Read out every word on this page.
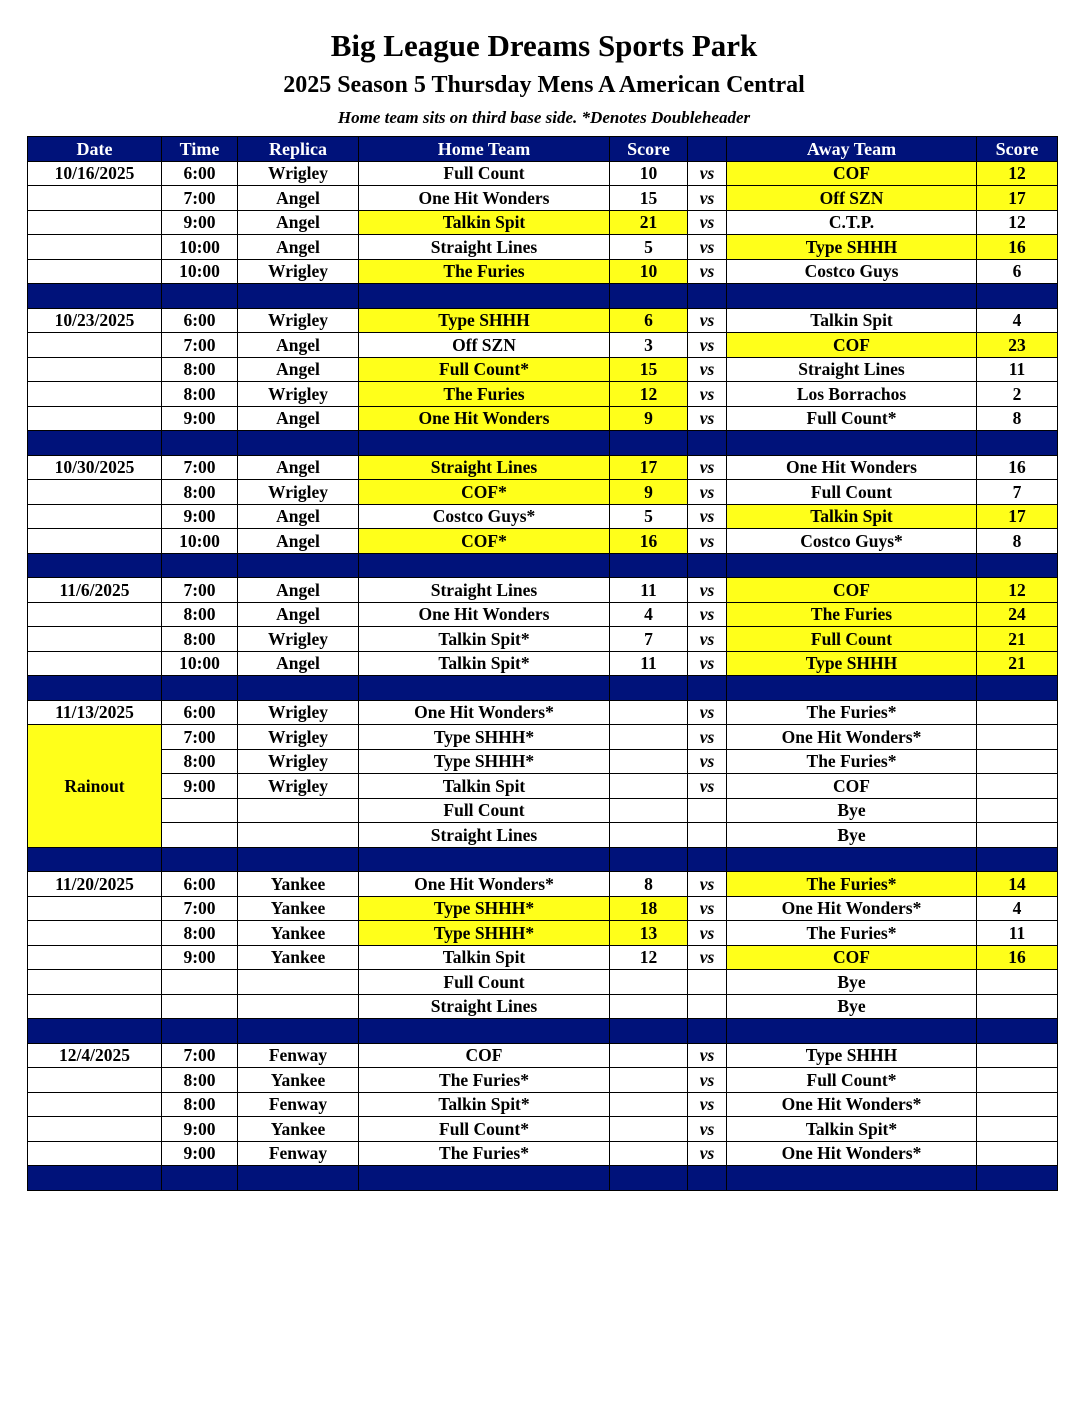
Big League Dreams Sports Park
2025 Season 5 Thursday Mens A American Central
Home team sits on third base side. *Denotes Doubleheader
Date	Time	Replica	Home Team	Score		Away Team	Score
10/16/2025	6:00	Wrigley	Full Count	10	vs	COF	12
	7:00	Angel	One Hit Wonders	15	vs	Off SZN	17
	9:00	Angel	Talkin Spit	21	vs	C.T.P.	12
	10:00	Angel	Straight Lines	5	vs	Type SHHH	16
	10:00	Wrigley	The Furies	10	vs	Costco Guys	6

10/23/2025	6:00	Wrigley	Type SHHH	6	vs	Talkin Spit	4
	7:00	Angel	Off SZN	3	vs	COF	23
	8:00	Angel	Full Count*	15	vs	Straight Lines	11
	8:00	Wrigley	The Furies	12	vs	Los Borrachos	2
	9:00	Angel	One Hit Wonders	9	vs	Full Count*	8

10/30/2025	7:00	Angel	Straight Lines	17	vs	One Hit Wonders	16
	8:00	Wrigley	COF*	9	vs	Full Count	7
	9:00	Angel	Costco Guys*	5	vs	Talkin Spit	17
	10:00	Angel	COF*	16	vs	Costco Guys*	8

11/6/2025	7:00	Angel	Straight Lines	11	vs	COF	12
	8:00	Angel	One Hit Wonders	4	vs	The Furies	24
	8:00	Wrigley	Talkin Spit*	7	vs	Full Count	21
	10:00	Angel	Talkin Spit*	11	vs	Type SHHH	21

11/13/2025	6:00	Wrigley	One Hit Wonders*		vs	The Furies*	
Rainout	7:00	Wrigley	Type SHHH*		vs	One Hit Wonders*	
	8:00	Wrigley	Type SHHH*		vs	The Furies*	
	9:00	Wrigley	Talkin Spit		vs	COF	
			Full Count			Bye	
			Straight Lines			Bye	

11/20/2025	6:00	Yankee	One Hit Wonders*	8	vs	The Furies*	14
	7:00	Yankee	Type SHHH*	18	vs	One Hit Wonders*	4
	8:00	Yankee	Type SHHH*	13	vs	The Furies*	11
	9:00	Yankee	Talkin Spit	12	vs	COF	16
			Full Count			Bye	
			Straight Lines			Bye	

12/4/2025	7:00	Fenway	COF		vs	Type SHHH	
	8:00	Yankee	The Furies*		vs	Full Count*	
	8:00	Fenway	Talkin Spit*		vs	One Hit Wonders*	
	9:00	Yankee	Full Count*		vs	Talkin Spit*	
	9:00	Fenway	The Furies*		vs	One Hit Wonders*	
